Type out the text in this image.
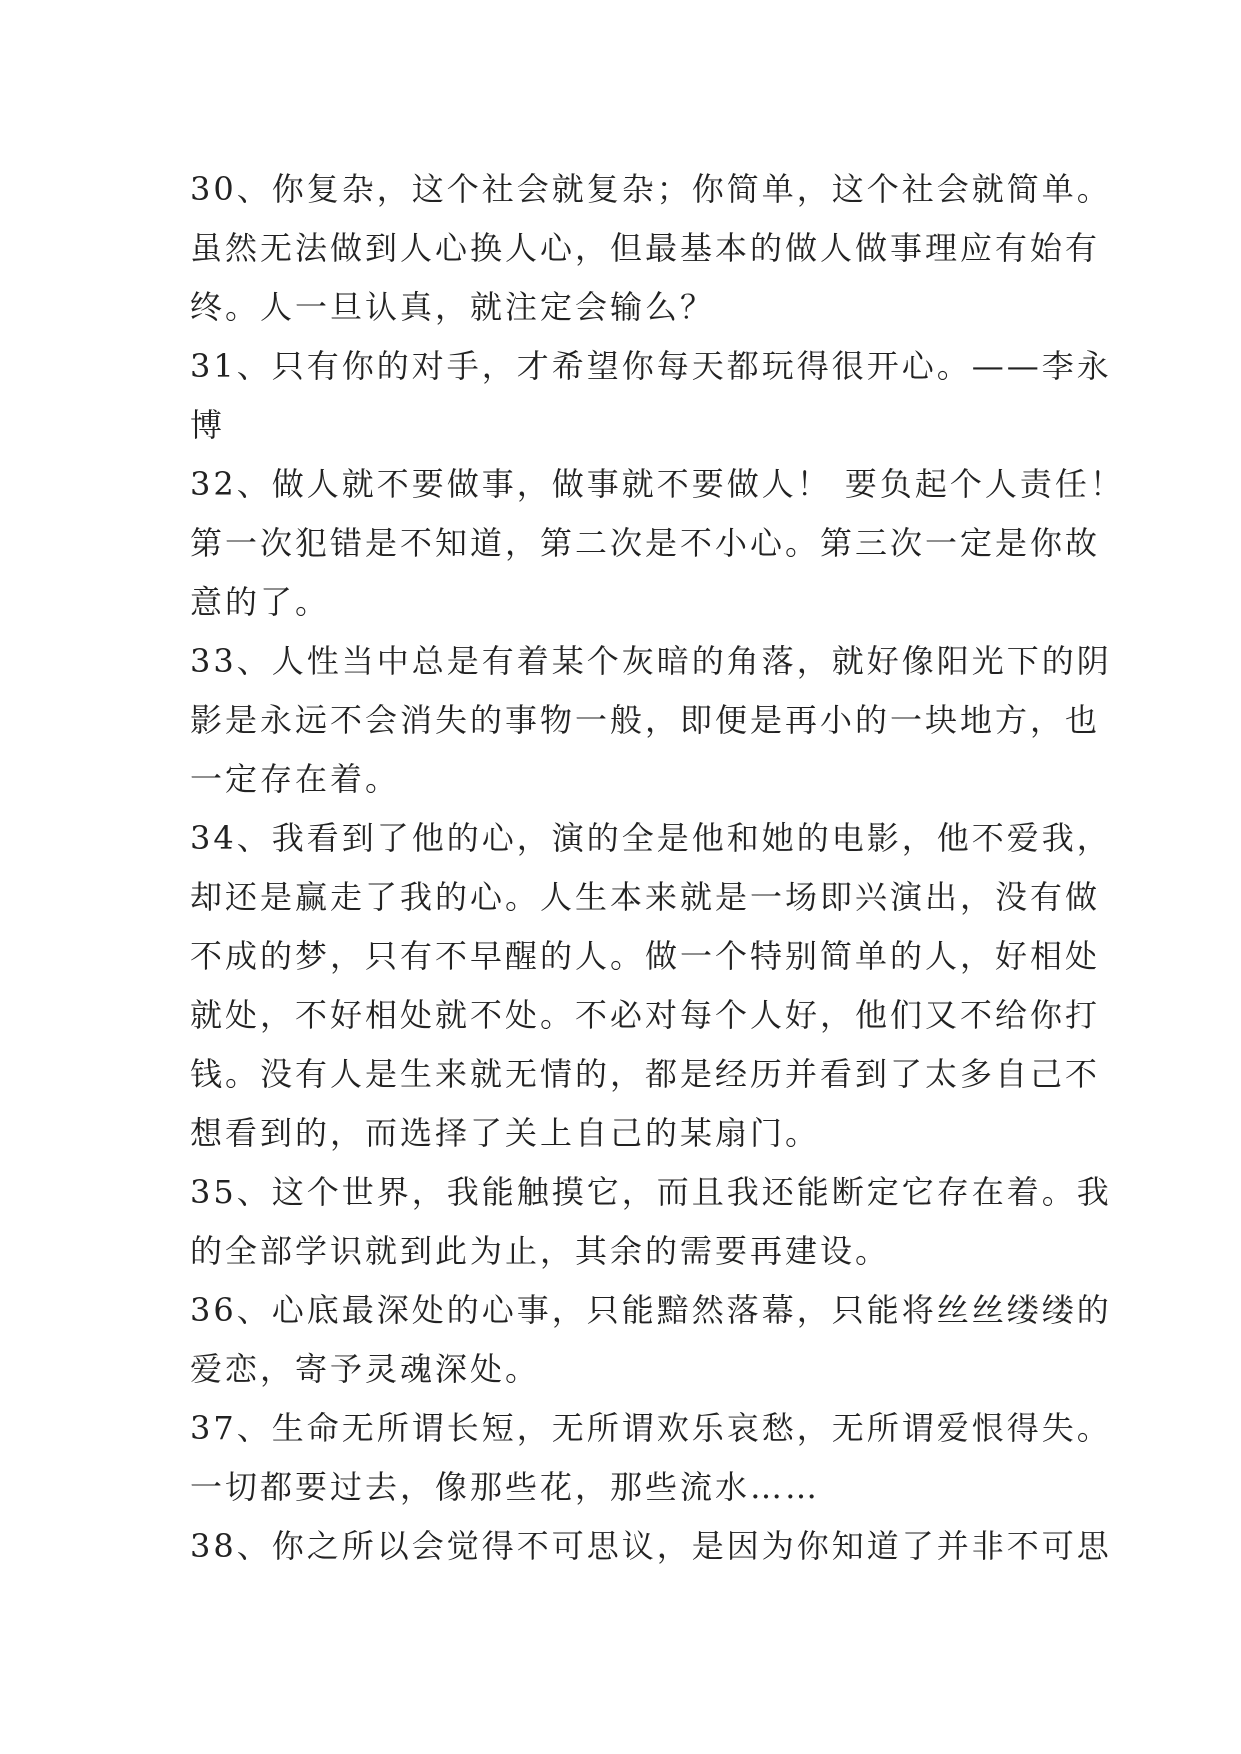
30、你复杂，这个社会就复杂；你简单，这个社会就简单。
虽然无法做到人心换人心，但最基本的做人做事理应有始有
终。人一旦认真，就注定会输么？
31、只有你的对手，才希望你每天都玩得很开心。——李永
博
32、做人就不要做事，做事就不要做人！ 要负起个人责任！
第一次犯错是不知道，第二次是不小心。第三次一定是你故
意的了。
33、人性当中总是有着某个灰暗的角落，就好像阳光下的阴
影是永远不会消失的事物一般，即便是再小的一块地方，也
一定存在着。
34、我看到了他的心，演的全是他和她的电影，他不爱我，
却还是赢走了我的心。人生本来就是一场即兴演出，没有做
不成的梦，只有不早醒的人。做一个特别简单的人，好相处
就处，不好相处就不处。不必对每个人好，他们又不给你打
钱。没有人是生来就无情的，都是经历并看到了太多自己不
想看到的，而选择了关上自己的某扇门。
35、这个世界，我能触摸它，而且我还能断定它存在着。我
的全部学识就到此为止，其余的需要再建设。
36、心底最深处的心事，只能黯然落幕，只能将丝丝缕缕的
爱恋，寄予灵魂深处。
37、生命无所谓长短，无所谓欢乐哀愁，无所谓爱恨得失。
一切都要过去，像那些花，那些流水……
38、你之所以会觉得不可思议，是因为你知道了并非不可思
